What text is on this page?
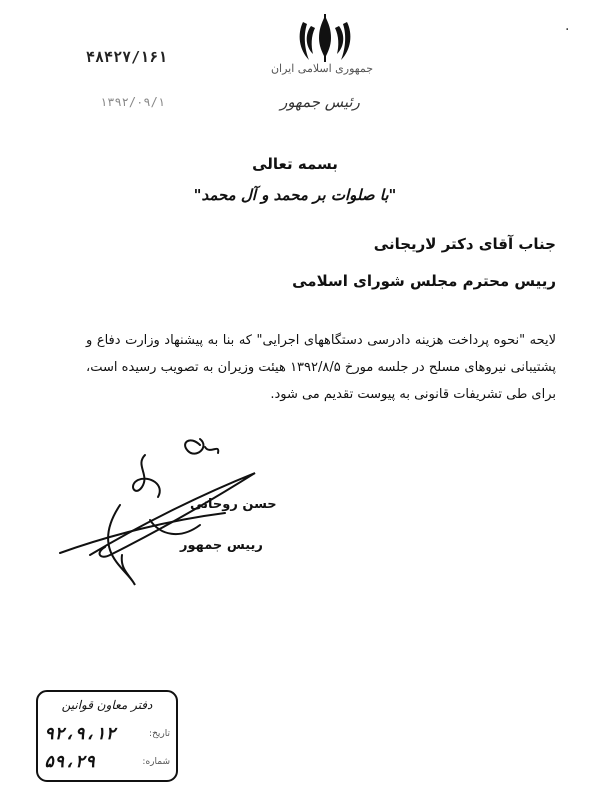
جمهوری اسلامی ایران
رئیس جمهور
۴۸۴۲۷/۱۶۱
۱۳۹۲/۰۹/۱
·
بسمه تعالی
"با صلوات بر محمد و آل محمد"
جناب آقای دکتر لاریجانی
رییس محترم مجلس شورای اسلامی
لایحه "نحوه پرداخت هزینه دادرسی دستگاههای اجرایی" که بنا به پیشنهاد وزارت دفاع و پشتیبانی نیروهای مسلح در جلسه مورخ ۱۳۹۲/۸/۵ هیئت وزیران به تصویب رسیده است، برای طی تشریفات قانونی به پیوست تقدیم می شود.
حسن روحانی
رییس جمهور
دفتر معاون قوانین
۹۲،۹،۱۲	تاریخ:
۵۹،۲۹	شماره:
